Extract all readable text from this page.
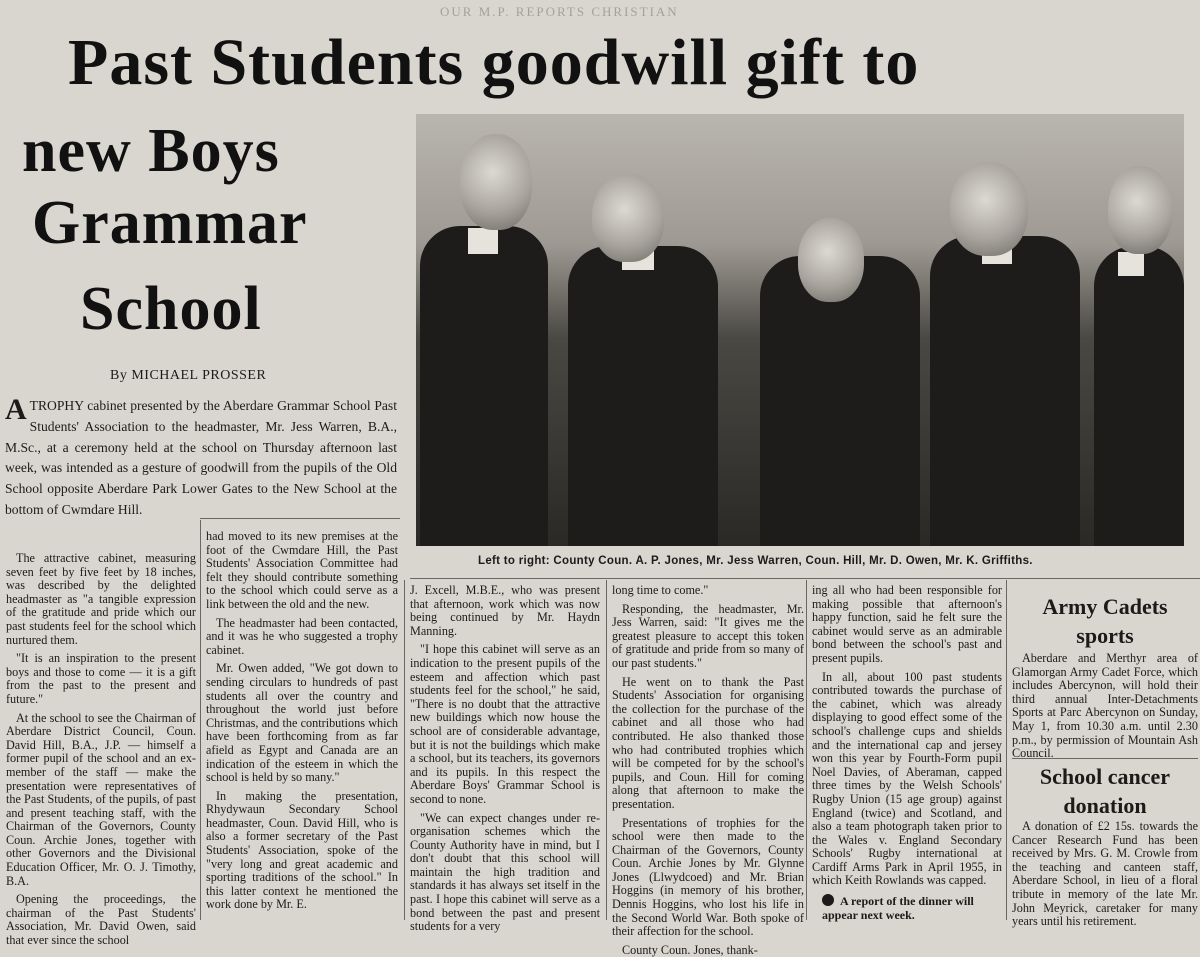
OUR M.P. REPORTS CHRISTIAN
Past Students goodwill gift to
new Boys
Grammar
School
By MICHAEL PROSSER
ATROPHY cabinet presented by the Aberdare Grammar School Past Students' Association to the headmaster, Mr. Jess Warren, B.A., M.Sc., at a ceremony held at the school on Thursday afternoon last week, was intended as a gesture of goodwill from the pupils of the Old School opposite Aberdare Park Lower Gates to the New School at the bottom of Cwmdare Hill.
Left to right: County Coun. A. P. Jones, Mr. Jess Warren, Coun. Hill, Mr. D. Owen, Mr. K. Griffiths.

The attractive cabinet, measuring seven feet by five feet by 18 inches, was described by the delighted headmaster as "a tangible expression of the gratitude and pride which our past students feel for the school which nurtured them.

"It is an inspiration to the present boys and those to come — it is a gift from the past to the present and future."

At the school to see the Chairman of Aberdare District Council, Coun. David Hill, B.A., J.P. — himself a former pupil of the school and an ex-member of the staff — make the presentation were representatives of the Past Students, of the pupils, of past and present teaching staff, with the Chairman of the Governors, County Coun. Archie Jones, together with other Governors and the Divisional Education Officer, Mr. O. J. Timothy, B.A.

Opening the proceedings, the chairman of the Past Students' Association, Mr. David Owen, said that ever since the school

had moved to its new premises at the foot of the Cwmdare Hill, the Past Students' Association Committee had felt they should contribute something to the school which could serve as a link between the old and the new.

The headmaster had been contacted, and it was he who suggested a trophy cabinet.

Mr. Owen added, "We got down to sending circulars to hundreds of past students all over the country and throughout the world just before Christmas, and the contributions which have been forthcoming from as far afield as Egypt and Canada are an indication of the esteem in which the school is held by so many."

In making the presentation, Rhydywaun Secondary School headmaster, Coun. David Hill, who is also a former secretary of the Past Students' Association, spoke of the "very long and great academic and sporting traditions of the school." In this latter context he mentioned the work done by Mr. E.

J. Excell, M.B.E., who was present that afternoon, work which was now being continued by Mr. Haydn Manning.

"I hope this cabinet will serve as an indication to the present pupils of the esteem and affection which past students feel for the school," he said, "There is no doubt that the attractive new buildings which now house the school are of considerable advantage, but it is not the buildings which make a school, but its teachers, its governors and its pupils. In this respect the Aberdare Boys' Grammar School is second to none.

"We can expect changes under re-organisation schemes which the County Authority have in mind, but I don't doubt that this school will maintain the high tradition and standards it has always set itself in the past. I hope this cabinet will serve as a bond between the past and present students for a very

long time to come."

Responding, the headmaster, Mr. Jess Warren, said: "It gives me the greatest pleasure to accept this token of gratitude and pride from so many of our past students."

He went on to thank the Past Students' Association for organising the collection for the purchase of the cabinet and all those who had contributed. He also thanked those who had contributed trophies which will be competed for by the school's pupils, and Coun. Hill for coming along that afternoon to make the presentation.

Presentations of trophies for the school were then made to the Chairman of the Governors, County Coun. Archie Jones by Mr. Glynne Jones (Llwydcoed) and Mr. Brian Hoggins (in memory of his brother, Dennis Hoggins, who lost his life in the Second World War. Both spoke of their affection for the school.

County Coun. Jones, thank-

ing all who had been responsible for making possible that afternoon's happy function, said he felt sure the cabinet would serve as an admirable bond between the school's past and present pupils.

In all, about 100 past students contributed towards the purchase of the cabinet, which was already displaying to good effect some of the school's challenge cups and shields and the international cap and jersey won this year by Fourth-Form pupil Noel Davies, of Aberaman, capped three times by the Welsh Schools' Rugby Union (15 age group) against England (twice) and Scotland, and also a team photograph taken prior to the Wales v. England Secondary Schools' Rugby international at Cardiff Arms Park in April 1955, in which Keith Rowlands was capped.

A report of the dinner will appear next week.
Army Cadets sports

Aberdare and Merthyr area of Glamorgan Army Cadet Force, which includes Abercynon, will hold their third annual Inter-Detachments Sports at Parc Abercynon on Sunday, May 1, from 10.30 a.m. until 2.30 p.m., by permission of Mountain Ash Council.

School cancer donation

A donation of £2 15s. towards the Cancer Research Fund has been received by Mrs. G. M. Crowle from the teaching and canteen staff, Aberdare School, in lieu of a floral tribute in memory of the late Mr. John Meyrick, caretaker for many years until his retirement.
